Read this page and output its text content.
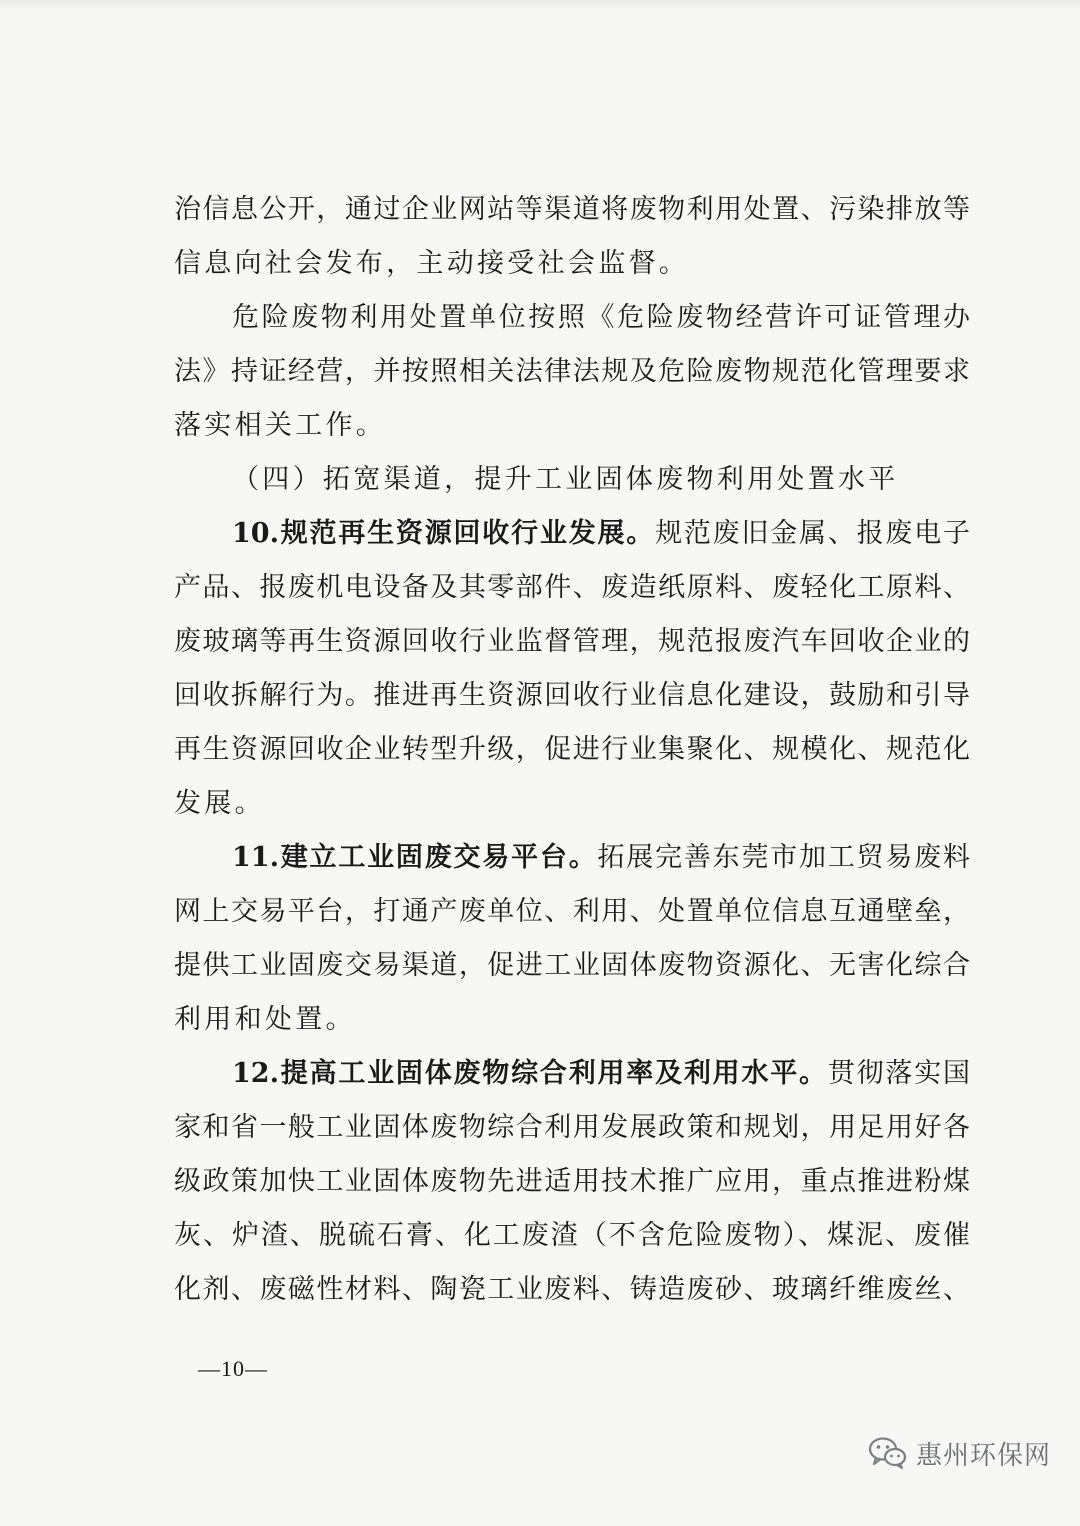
治信息公开，通过企业网站等渠道将废物利用处置、污染排放等
信息向社会发布，主动接受社会监督。
危险废物利用处置单位按照《危险废物经营许可证管理办
法》持证经营，并按照相关法律法规及危险废物规范化管理要求
落实相关工作。
（四）拓宽渠道，提升工业固体废物利用处置水平
10.规范再生资源回收行业发展。规范废旧金属、报废电子
产品、报废机电设备及其零部件、废造纸原料、废轻化工原料、
废玻璃等再生资源回收行业监督管理，规范报废汽车回收企业的
回收拆解行为。推进再生资源回收行业信息化建设，鼓励和引导
再生资源回收企业转型升级，促进行业集聚化、规模化、规范化
发展。
11.建立工业固废交易平台。拓展完善东莞市加工贸易废料
网上交易平台，打通产废单位、利用、处置单位信息互通壁垒，
提供工业固废交易渠道，促进工业固体废物资源化、无害化综合
利用和处置。
12.提高工业固体废物综合利用率及利用水平。贯彻落实国
家和省一般工业固体废物综合利用发展政策和规划，用足用好各
级政策加快工业固体废物先进适用技术推广应用，重点推进粉煤
灰、炉渣、脱硫石膏、化工废渣（不含危险废物）、煤泥、废催
化剂、废磁性材料、陶瓷工业废料、铸造废砂、玻璃纤维废丝、
—10—
惠州环保网
